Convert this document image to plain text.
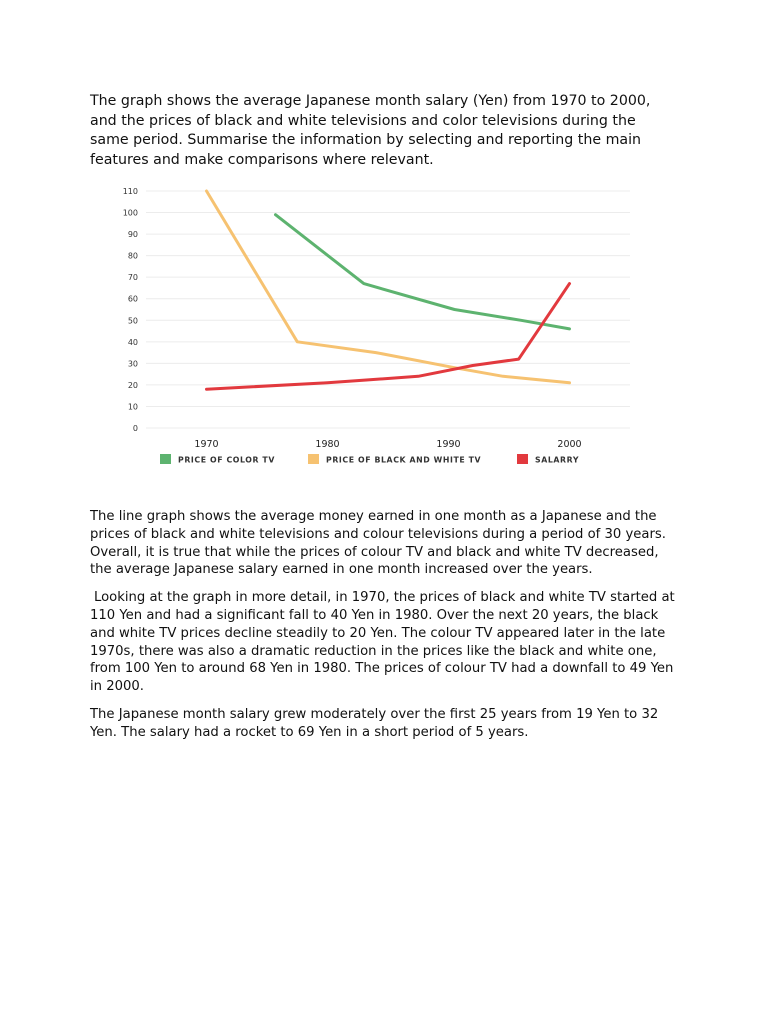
The graph shows the average Japanese month salary (Yen) from 1970 to 2000, and the prices of black and white televisions and color televisions during the same period. Summarise the information by selecting and reporting the main features and make comparisons where relevant.

0
10
20
30
40
50
60
70
80
90
100
110
1970	1980	1990	2000
PRICE OF COLOR TV	PRICE OF BLACK AND WHITE TV	SALARRY

The line graph shows the average money earned in one month as a Japanese and the prices of black and white televisions and colour televisions during a period of 30 years. Overall, it is true that while the prices of colour TV and black and white TV decreased, the average Japanese salary earned in one month increased over the years.

Looking at the graph in more detail, in 1970, the prices of black and white TV started at 110 Yen and had a significant fall to 40 Yen in 1980. Over the next 20 years, the black and white TV prices decline steadily to 20 Yen. The colour TV appeared later in the late 1970s, there was also a dramatic reduction in the prices like the black and white one, from 100 Yen to around 68 Yen in 1980. The prices of colour TV had a downfall to 49 Yen in 2000.

The Japanese month salary grew moderately over the first 25 years from 19 Yen to 32 Yen. The salary had a rocket to 69 Yen in a short period of 5 years.
